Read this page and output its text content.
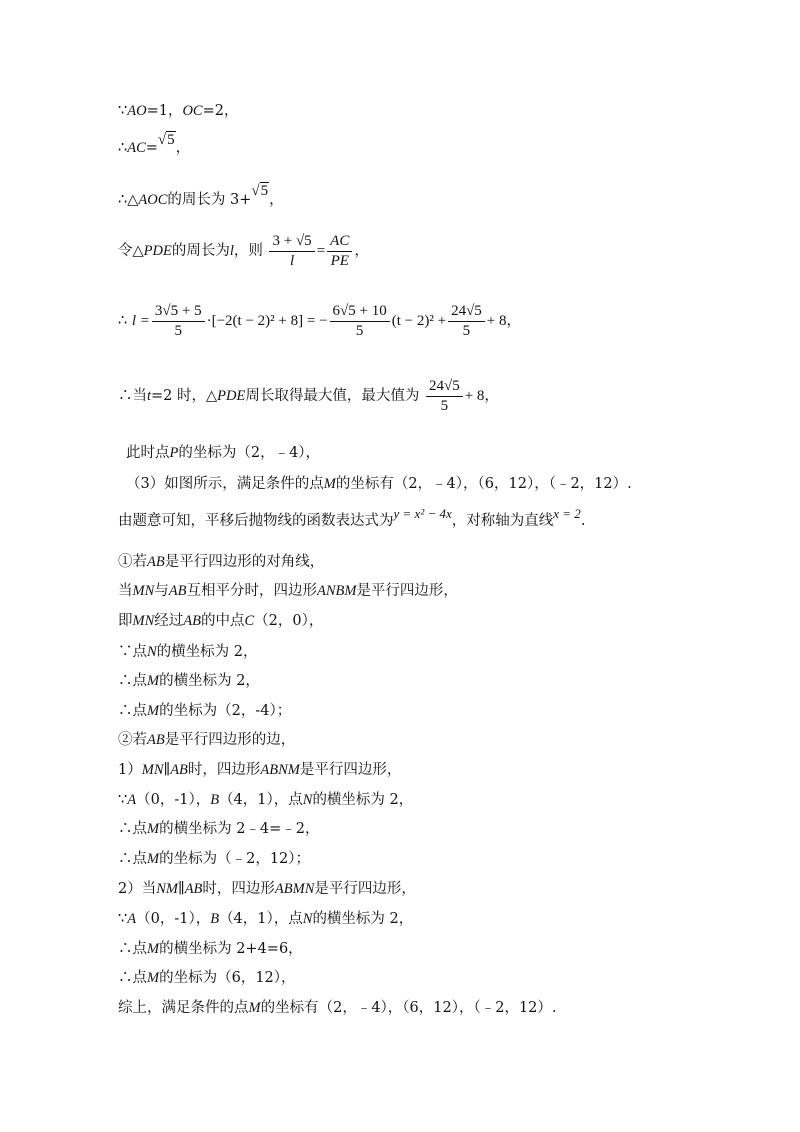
∵AO=1，OC=2，
∴AC=√5，
∴△AOC的周长为 3+√5，
令△PDE的周长为l，则 $\frac{3 + √5}{l} = \frac{AC}{PE}$ ，
∴ $l = \frac{3√5 + 5}{5} \cdot[-2(t - 2)^2 + 8]$ = − $\frac{6√5 + 10}{5} (t - 2)^2 + \frac{24√5}{5} + 8$，
∴当t=2 时，△PDE周长取得最大值，最大值为 $\frac{24√5}{5} + 8$，
此时点P的坐标为（2，﹣4），
（3）如图所示，满足条件的点M的坐标有（2，﹣4），（6，12），（﹣2，12）.
由题意可知，平移后抛物线的函数表达式为y = x² − 4x，对称轴为直线x = 2.
①若AB是平行四边形的对角线，
当MN与AB互相平分时，四边形ANBM是平行四边形，
即MN经过AB的中点C（2，0），
∵点N的横坐标为 2，
∴点M的横坐标为 2，
∴点M的坐标为（2，-4）；
②若AB是平行四边形的边，
1）MN∥AB时，四边形ABNM是平行四边形，
∵A（0，-1），B（4，1），点N的横坐标为 2，
∴点M的横坐标为 2﹣4=﹣2，
∴点M的坐标为（﹣2，12）；
2）当NM∥AB时，四边形ABMN是平行四边形，
∵A（0，-1），B（4，1），点N的横坐标为 2，
∴点M的横坐标为 2+4=6，
∴点M的坐标为（6，12），
综上，满足条件的点M的坐标有（2，﹣4），（6，12），（﹣2，12）.
